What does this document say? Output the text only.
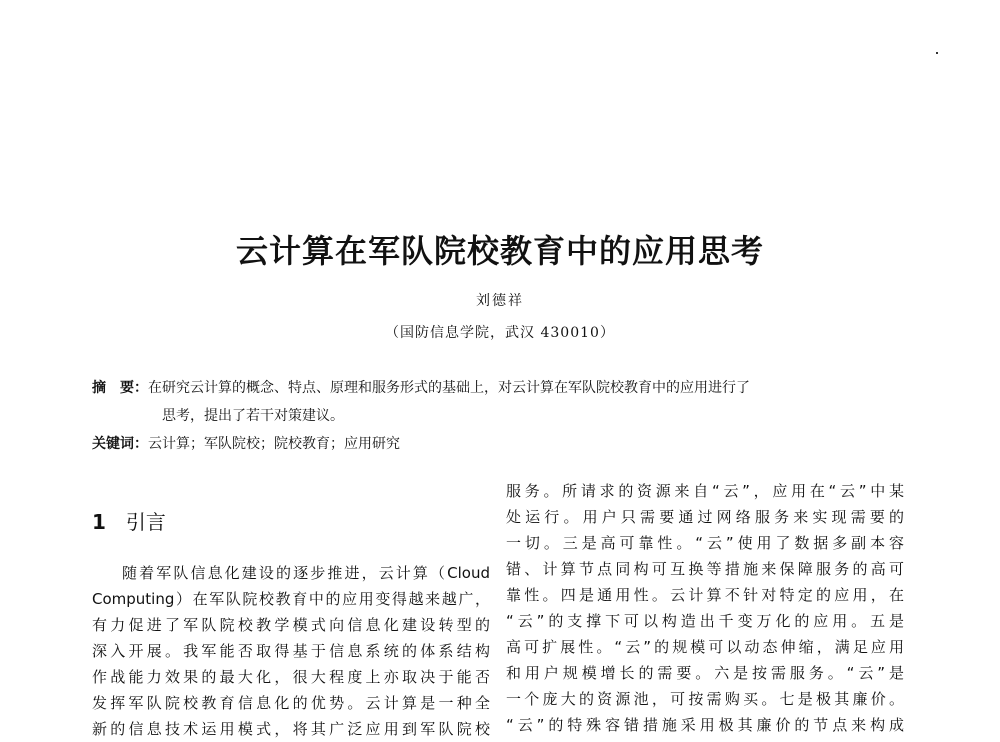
云计算在军队院校教育中的应用思考
刘德祥
（国防信息学院，武汉 430010）
摘　要： 在研究云计算的概念、特点、原理和服务形式的基础上，对云计算在军队院校教育中的应用进行了
思考，提出了若干对策建议。
关键词：云计算；军队院校；院校教育；应用研究
1 引言
随着军队信息化建设的逐步推进，云计算（Cloud
Computing）在军队院校教育中的应用变得越来越广，
有力促进了军队院校教学模式向信息化建设转型的
深入开展。我军能否取得基于信息系统的体系结构
作战能力效果的最大化，很大程度上亦取决于能否
发挥军队院校教育信息化的优势。云计算是一种全
新的信息技术运用模式，将其广泛应用到军队院校
服务。所请求的资源来自“云”，应用在“云”中某
处运行。用户只需要通过网络服务来实现需要的
一切。三是高可靠性。“云”使用了数据多副本容
错、计算节点同构可互换等措施来保障服务的高可
靠性。四是通用性。云计算不针对特定的应用，在
“云”的支撑下可以构造出千变万化的应用。五是
高可扩展性。“云”的规模可以动态伸缩，满足应用
和用户规模增长的需要。六是按需服务。“云”是
一个庞大的资源池，可按需购买。七是极其廉价。
“云”的特殊容错措施采用极其廉价的节点来构成
